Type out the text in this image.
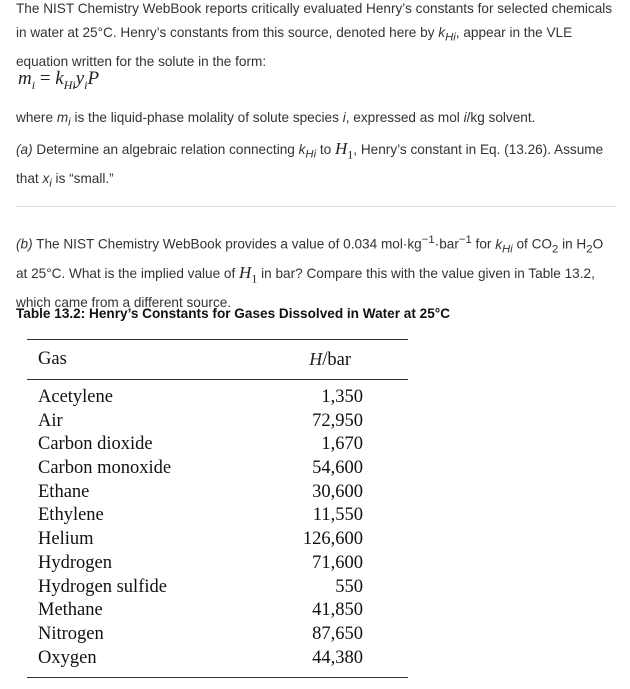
The NIST Chemistry WebBook reports critically evaluated Henry’s constants for selected chemicals in water at 25°C. Henry’s constants from this source, denoted here by $k_{Hi}$, appear in the VLE equation written for the solute in the form:

$m_i = k_{Hi}y_iP$

where $m_i$ is the liquid-phase molality of solute species i, expressed as mol i/kg solvent.

(a) Determine an algebraic relation connecting $k_{Hi}$ to $H_1$, Henry’s constant in Eq. (13.26). Assume that $x_i$ is “small.”

(b) The NIST Chemistry WebBook provides a value of 0.034 $mol\cdot kg^{-1}\cdot bar^{-1}$ for $k_{Hi}$ of $CO_2$ in $H_2O$ at 25°C. What is the implied value of $H_1$ in bar? Compare this with the value given in Table 13.2, which came from a different source.

Table 13.2: Henry’s Constants for Gases Dissolved in Water at 25°C

Gas	H/bar
Acetylene	1,350
Air	72,950
Carbon dioxide	1,670
Carbon monoxide	54,600
Ethane	30,600
Ethylene	11,550
Helium	126,600
Hydrogen	71,600
Hydrogen sulfide	550
Methane	41,850
Nitrogen	87,650
Oxygen	44,380
